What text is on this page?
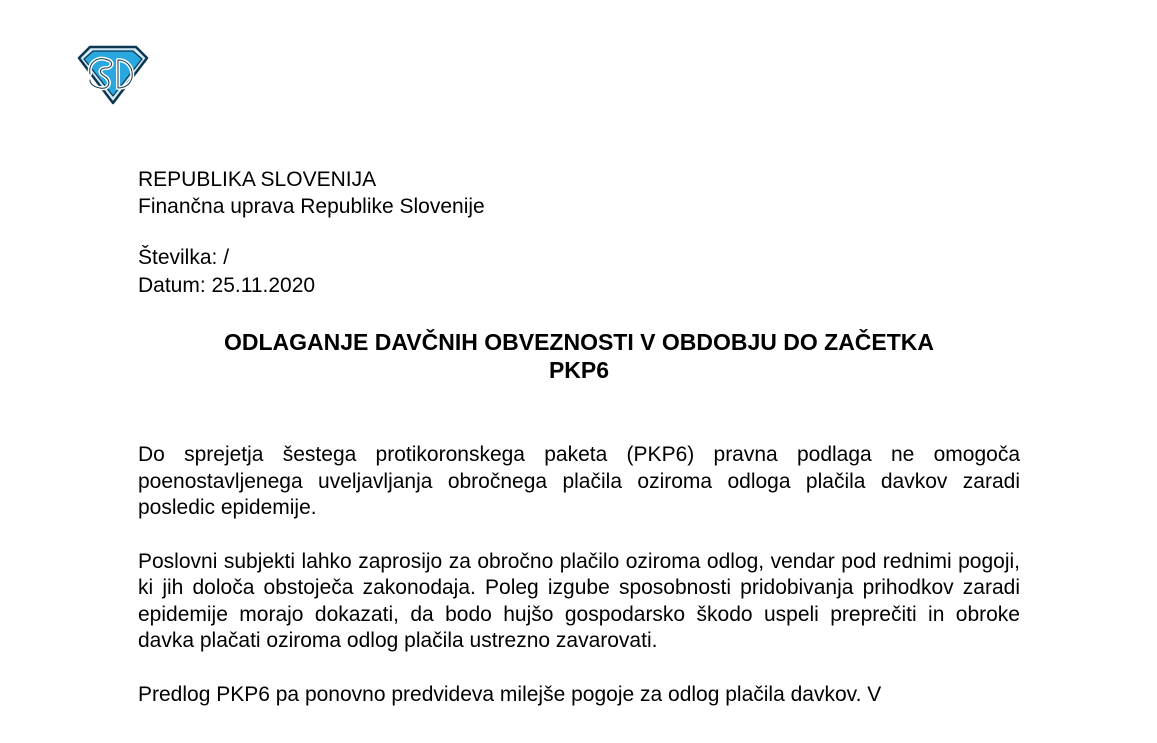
REPUBLIKA SLOVENIJA
Finančna uprava Republike Slovenije
Številka: /
Datum: 25.11.2020
ODLAGANJE DAVČNIH OBVEZNOSTI V OBDOBJU DO ZAČETKA
PKP6

Do sprejetja šestega protikoronskega paketa (PKP6) pravna podlaga ne omogoča poenostavljenega uveljavljanja obročnega plačila oziroma odloga plačila davkov zaradi posledic epidemije.

Poslovni subjekti lahko zaprosijo za obročno plačilo oziroma odlog, vendar pod rednimi pogoji, ki jih določa obstoječa zakonodaja. Poleg izgube sposobnosti pridobivanja prihodkov zaradi epidemije morajo dokazati, da bodo hujšo gospodarsko škodo uspeli preprečiti in obroke davka plačati oziroma odlog plačila ustrezno zavarovati.

Predlog PKP6 pa ponovno predvideva milejše pogoje za odlog plačila davkov. V
